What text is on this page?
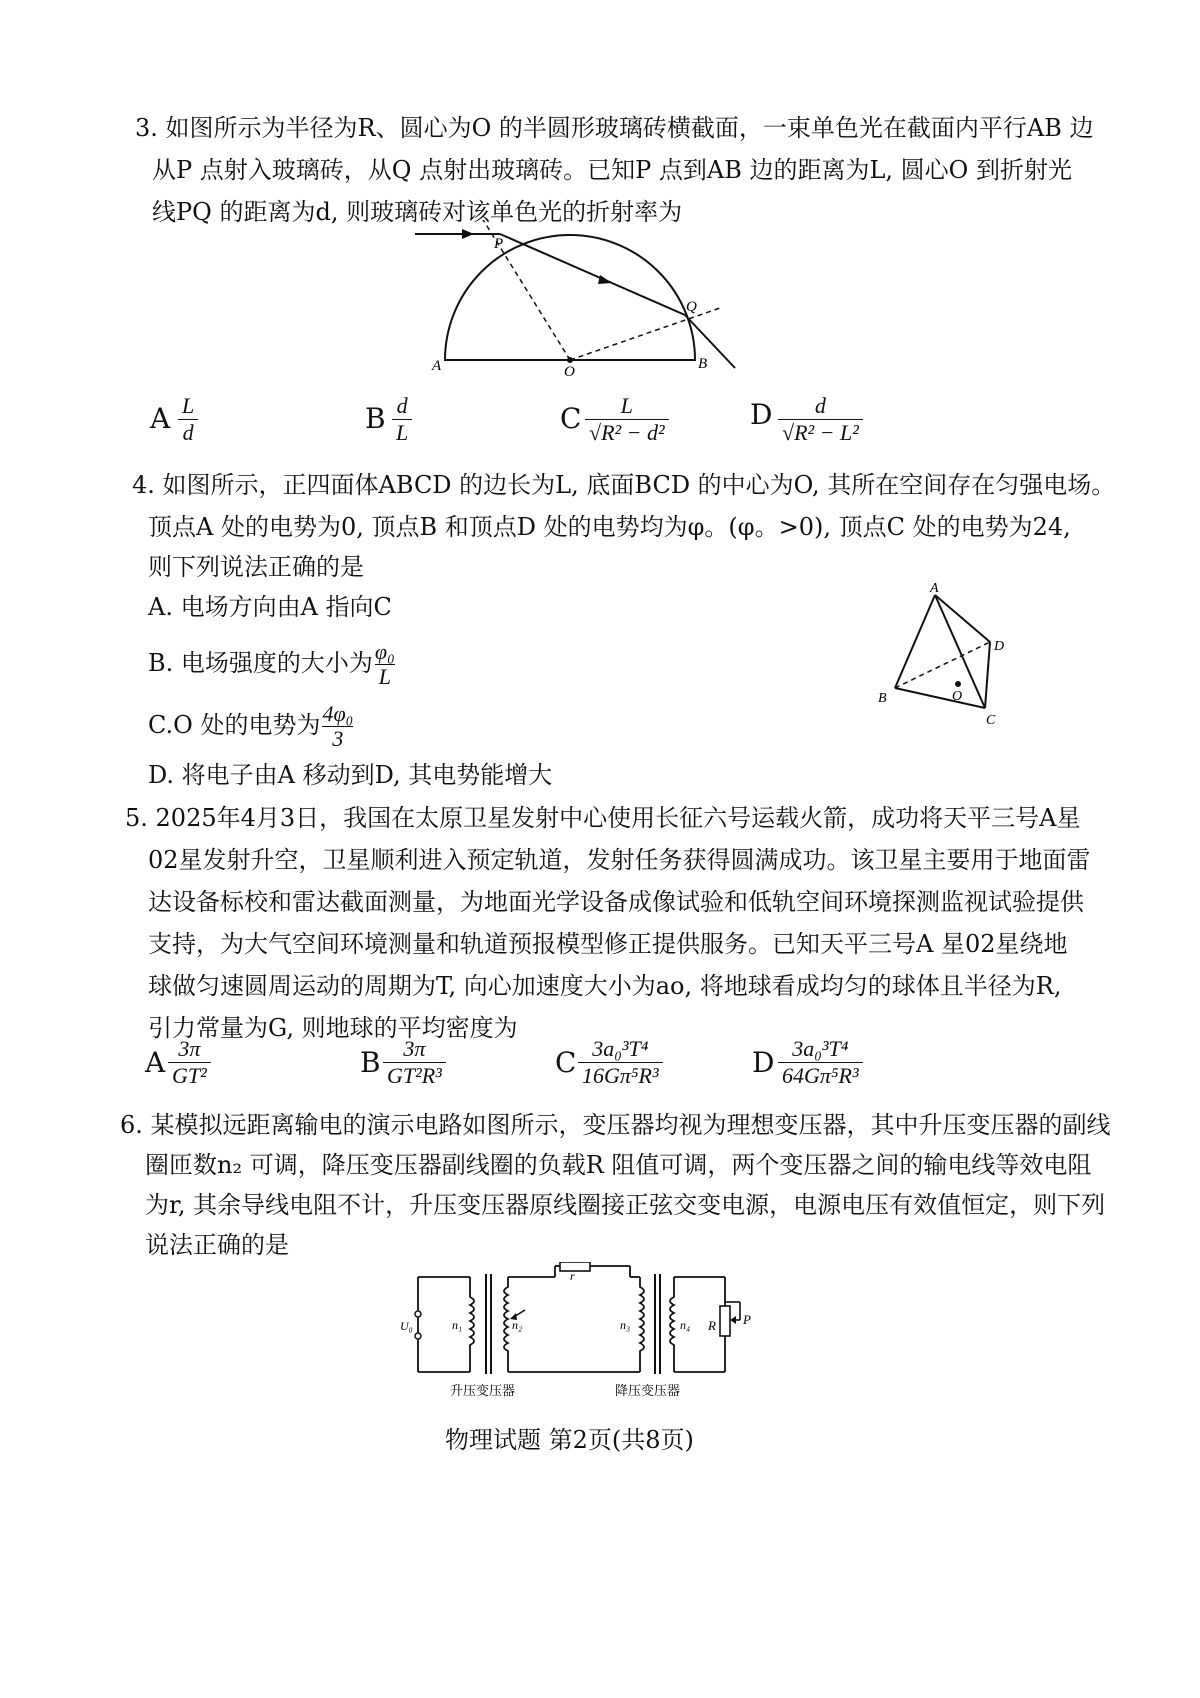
3. 如图所示为半径为R、圆心为O 的半圆形玻璃砖横截面，一束单色光在截面内平行AB 边
从P 点射入玻璃砖，从Q 点射出玻璃砖。已知P 点到AB 边的距离为L, 圆心O 到折射光
线PQ 的距离为d, 则玻璃砖对该单色光的折射率为
P
Q
A	B
O
A L
d	B d
L	C L
√R² − d²
D d
√R² − L²
4. 如图所示，正四面体ABCD 的边长为L, 底面BCD 的中心为O, 其所在空间存在匀强电场。
顶点A 处的电势为0, 顶点B 和顶点D 处的电势均为φ。(φ。>0), 顶点C 处的电势为24,
则下列说法正确的是
A. 电场方向由A 指向C
B. 电场强度的大小为 $\frac{\text{φ₀}}{L}$
C.O 处的电势为 $\frac{\text{4φ₀}}{3}$
D. 将电子由A 移动到D, 其电势能增大
A
B
C
D
O
5. 2025年4月3日，我国在太原卫星发射中心使用长征六号运载火箭，成功将天平三号A星
02星发射升空，卫星顺利进入预定轨道，发射任务获得圆满成功。该卫星主要用于地面雷
达设备标校和雷达截面测量，为地面光学设备成像试验和低轨空间环境探测监视试验提供
支持，为大气空间环境测量和轨道预报模型修正提供服务。已知天平三号A 星02星绕地
球做匀速圆周运动的周期为T, 向心加速度大小为ao, 将地球看成均匀的球体且半径为R,
引力常量为G, 则地球的平均密度为
A 3π
GT²	B 3π
GT²R³	C 3a₀³T⁴
16Gπ⁵R³	D 3a₀³T⁴
64Gπ⁵R³
6. 某模拟远距离输电的演示电路如图所示，变压器均视为理想变压器，其中升压变压器的副线
圈匝数n₂ 可调，降压变压器副线圈的负载R 阻值可调，两个变压器之间的输电线等效电阻
为r, 其余导线电阻不计，升压变压器原线圈接正弦交变电源，电源电压有效值恒定，则下列
说法正确的是
U₀	n₁	n₂
r
n₃	n₄ R P
升压变压器	降压变压器
物理试题 第2页(共8页)
